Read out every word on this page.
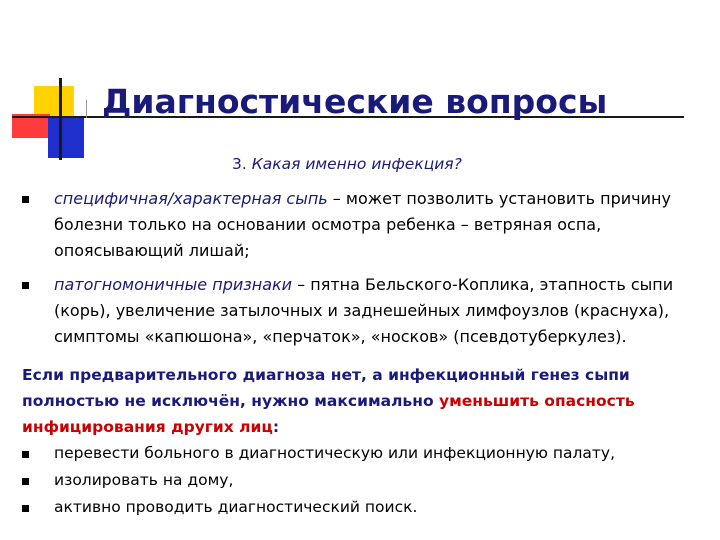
Диагностические вопросы
3. Какая именно инфекция?
специфичная/характерная сыпь – может позволить установить причину болезни только на основании осмотра ребенка – ветряная оспа, опоясывающий лишай;
патогномоничные признаки – пятна Бельского-Коплика, этапность сыпи (корь), увеличение затылочных и заднешейных лимфоузлов (краснуха), симптомы «капюшона», «перчаток», «носков» (псевдотуберкулез).
Если предварительного диагноза нет, а инфекционный генез сыпи полностью не исключён, нужно максимально уменьшить опасность инфицирования других лиц:
перевести больного в диагностическую или инфекционную палату,
изолировать на дому,
активно проводить диагностический поиск.
